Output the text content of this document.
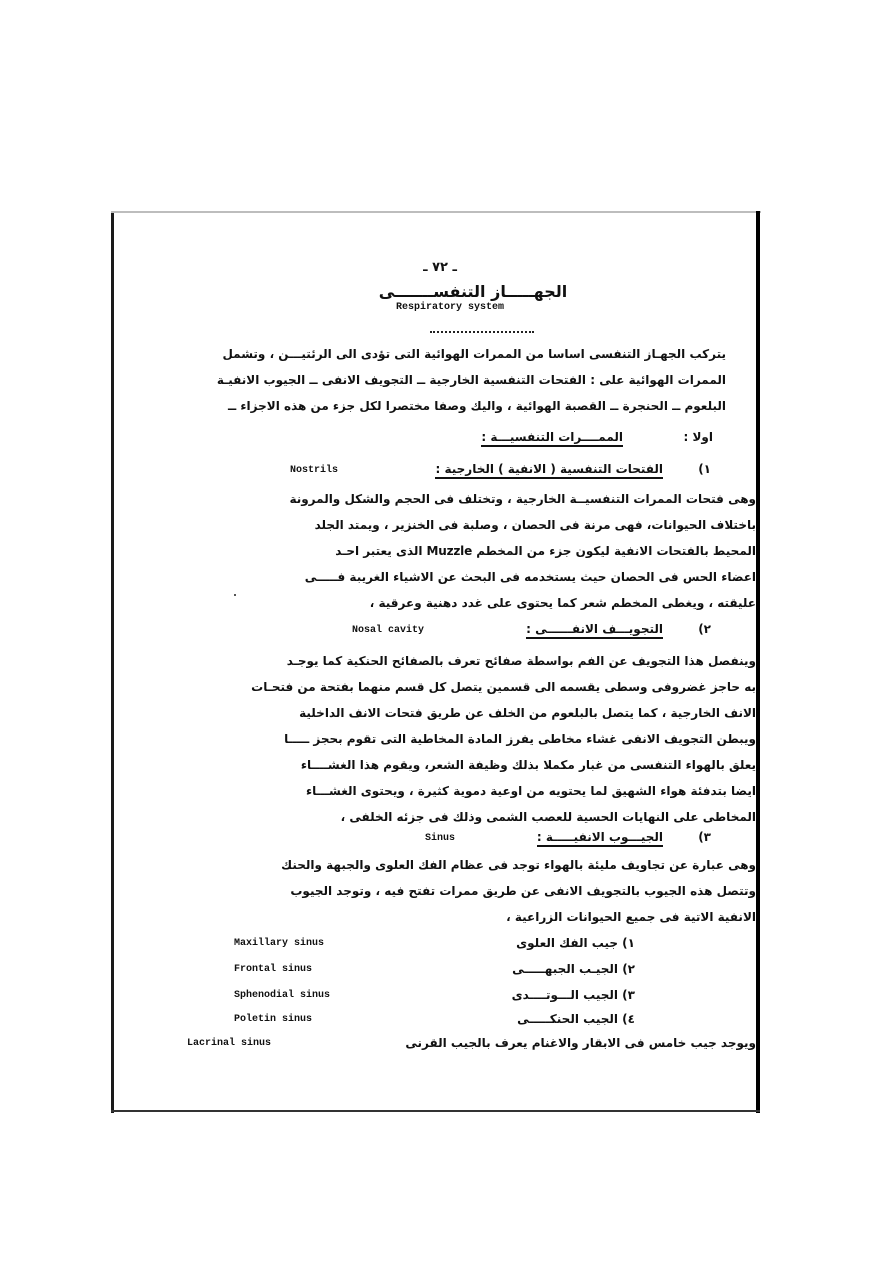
ـ ٧٢ ـ
الجهـــــاز التنفســـــــى
Respiratory system
يتركب الجهـاز التنفسى اساسا من الممرات الهوائية التى تؤدى الى الرئتيـــن ، وتشمل
الممرات الهوائية على : الفتحات التنفسية الخارجية ــ التجويف الانفى ــ الجيوب الانفيـة
البلعوم ــ الحنجرة ــ القصبة الهوائية ، واليك وصفا مختصرا لكل جزء من هذه الاجزاء ــ
اولا :
الممــــرات التنفسيـــة :
١)
الفتحات التنفسية ( الانفية ) الخارجية :
Nostrils
وهى فتحات الممرات التنفسيــة الخارجية ، وتختلف فى الحجم والشكل والمرونة
باختلاف الحيوانات، فهى مرنة فى الحصان ، وصلبة فى الخنزير ، ويمتد الجلد
المحيط بالفتحات الانفية ليكون جزء من المخطم Muzzle الذى يعتبر احـد
اعضاء الحس فى الحصان حيث يستخدمه فى البحث عن الاشياء الغريبة فـــــى
عليقته ، ويغطى المخطم شعر كما يحتوى على غدد دهنية وعرقية ،
٢)
التجويـــف الانفــــــى :
Nosal cavity
وينفصل هذا التجويف عن الفم بواسطة صفائح تعرف بالصفائح الحنكية كما يوجـد
به حاجز غضروفى وسطى يقسمه الى قسمين يتصل كل قسم منهما بفتحة من فتحـات
الانف الخارجية ، كما يتصل بالبلعوم من الخلف عن طريق فتحات الانف الداخلية
ويبطن التجويف الانفى غشاء مخاطى يفرز المادة المخاطية التى تقوم بحجز ـــــا
يعلق بالهواء التنفسى من غبار مكملا بذلك وظيفة الشعر، ويقوم هذا الغشــــاء
ايضا بتدفئة هواء الشهيق لما يحتويه من اوعية دموية كثيرة ، ويحتوى الغشـــاء
المخاطى على النهايات الحسية للعصب الشمى وذلك فى جزئه الخلفى ،
٣)
الجيـــوب الانفيـــــة :
Sinus
وهى عبارة عن تجاويف مليئة بالهواء توجد فى عظام الفك العلوى والجبهة والحنك
وتتصل هذه الجيوب بالتجويف الانفى عن طريق ممرات تفتح فيه ، وتوجد الجيوب
الانفية الاتية فى جميع الحيوانات الزراعية ،
١) جيب الفك العلوى
Maxillary sinus
٢) الجيـب الجبهـــــى
Frontal sinus
٣) الجيب الـــوتــــدى
Sphenodial sinus
٤) الجيب الحنكـــــى
Poletin sinus
ويوجد جيب خامس فى الابقار والاغنام يعرف بالجيب القرنى
Lacrinal sinus
